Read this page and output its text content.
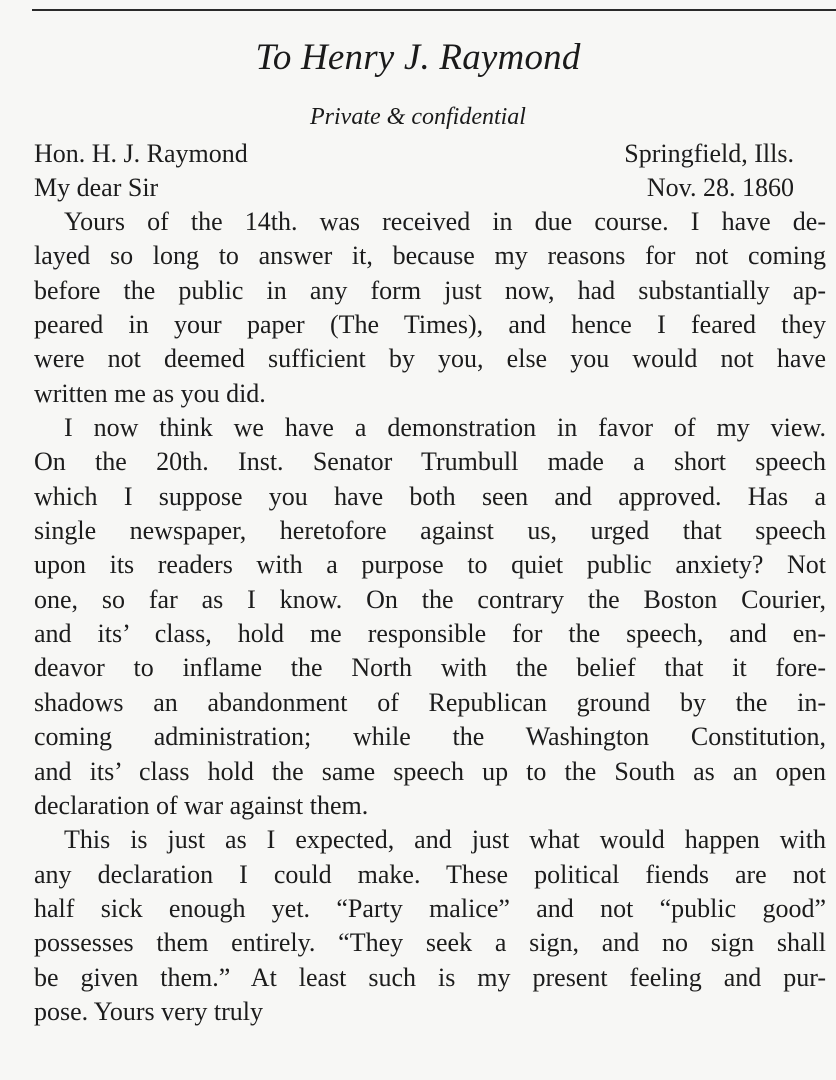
To Henry J. Raymond
Private & confidential
Hon. H. J. Raymond	Springfield, Ills.
My dear Sir	Nov. 28. 1860
Yours of the 14th. was received in due course. I have de-
layed so long to answer it, because my reasons for not coming
before the public in any form just now, had substantially ap-
peared in your paper (The Times), and hence I feared they
were not deemed sufficient by you, else you would not have
written me as you did.
I now think we have a demonstration in favor of my view.
On the 20th. Inst. Senator Trumbull made a short speech
which I suppose you have both seen and approved. Has a
single newspaper, heretofore against us, urged that speech
upon its readers with a purpose to quiet public anxiety? Not
one, so far as I know. On the contrary the Boston Courier,
and its’ class, hold me responsible for the speech, and en-
deavor to inflame the North with the belief that it fore-
shadows an abandonment of Republican ground by the in-
coming administration; while the Washington Constitution,
and its’ class hold the same speech up to the South as an open
declaration of war against them.
This is just as I expected, and just what would happen with
any declaration I could make. These political fiends are not
half sick enough yet. “Party malice” and not “public good”
possesses them entirely. “They seek a sign, and no sign shall
be given them.” At least such is my present feeling and pur-
pose. Yours very truly
